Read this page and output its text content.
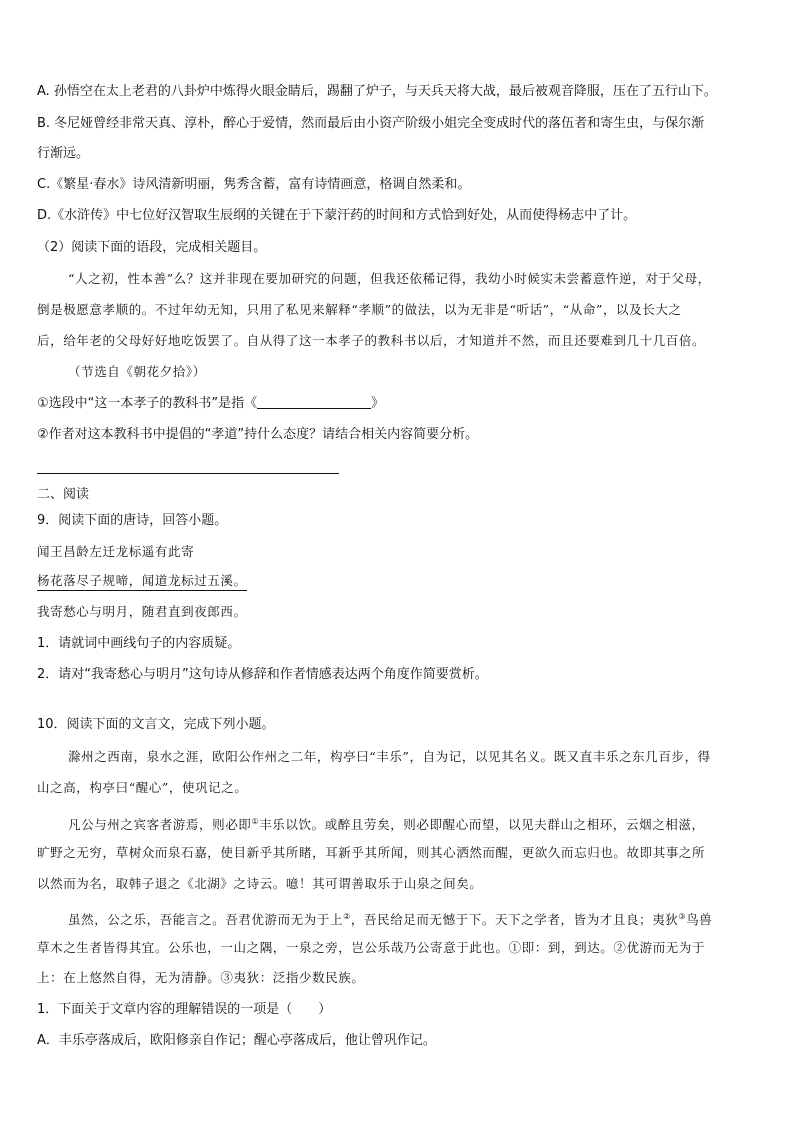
A. 孙悟空在太上老君的八卦炉中炼得火眼金睛后，踢翻了炉子，与天兵天将大战，最后被观音降服，压在了五行山下。
B. 冬尼娅曾经非常天真、淳朴，醉心于爱情，然而最后由小资产阶级小姐完全变成时代的落伍者和寄生虫，与保尔渐
行渐远。
C.《繁星·春水》诗风清新明丽，隽秀含蓄，富有诗情画意，格调自然柔和。
D.《水浒传》中七位好汉智取生辰纲的关键在于下蒙汗药的时间和方式恰到好处，从而使得杨志中了计。
（2）阅读下面的语段，完成相关题目。
“人之初，性本善”么？这并非现在要加研究的问题，但我还依稀记得，我幼小时候实未尝蓄意忤逆，对于父母，
倒是极愿意孝顺的。不过年幼无知，只用了私见来解释“孝顺”的做法，以为无非是“听话”，“从命”，以及长大之
后，给年老的父母好好地吃饭罢了。自从得了这一本孝子的教科书以后，才知道并不然，而且还要难到几十几百倍。
（节选自《朝花夕拾》）
①选段中“这一本孝子的教科书”是指《	》
②作者对这本教科书中提倡的“孝道”持什么态度？请结合相关内容简要分析。
二、阅读
9．阅读下面的唐诗，回答小题。
闻王昌龄左迁龙标遥有此寄
杨花落尽子规啼，闻道龙标过五溪。
我寄愁心与明月，随君直到夜郎西。
1．请就词中画线句子的内容质疑。
2．请对“我寄愁心与明月”这句诗从修辞和作者情感表达两个角度作简要赏析。
10．阅读下面的文言文，完成下列小题。
滁州之西南，泉水之涯，欧阳公作州之二年，构亭曰“丰乐”，自为记，以见其名义。既又直丰乐之东几百步，得
山之高，构亭曰“醒心”，使巩记之。
凡公与州之宾客者游焉，则必即①丰乐以饮。或醉且劳矣，则必即醒心而望，以见夫群山之相环，云烟之相滋，
旷野之无穷，草树众而泉石嘉，使目新乎其所睹，耳新乎其所闻，则其心洒然而醒，更欲久而忘归也。故即其事之所
以然而为名，取韩子退之《北湖》之诗云。噫！其可谓善取乐于山泉之间矣。
虽然，公之乐，吾能言之。吾君优游而无为于上②，吾民给足而无憾于下。天下之学者，皆为才且良；夷狄③鸟兽
草木之生者皆得其宜。公乐也，一山之隅，一泉之旁，岂公乐哉乃公寄意于此也。①即：到，到达。②优游而无为于
上：在上悠然自得，无为清静。③夷狄：泛指少数民族。
1．下面关于文章内容的理解错误的一项是（　　）
A．丰乐亭落成后，欧阳修亲自作记；醒心亭落成后，他让曾巩作记。
